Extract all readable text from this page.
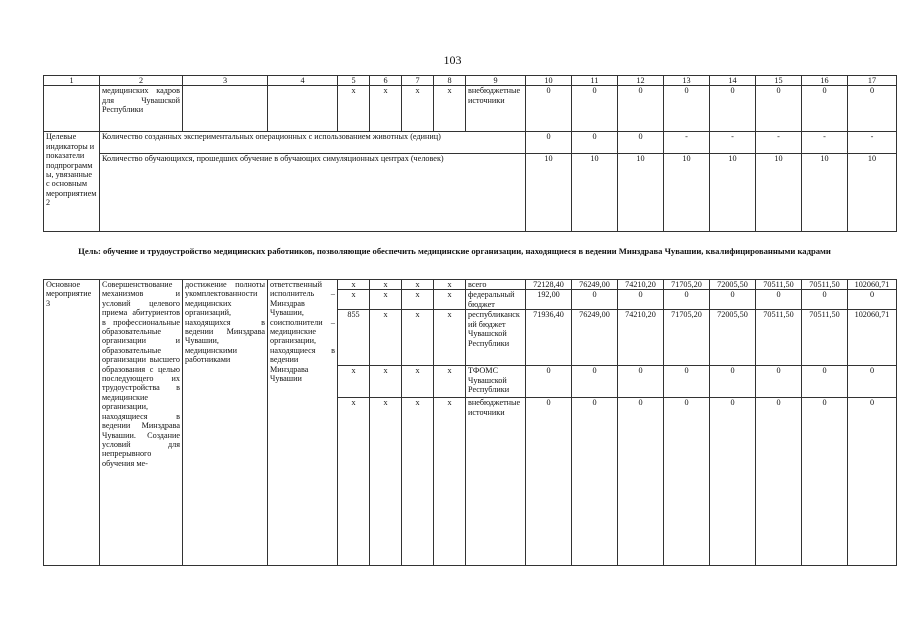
103
1	2	3	4	5	6	7	8	9	10	11	12	13	14	15	16	17
	медицинских кадров для Чувашской Республики			х	х	х	х	внебюджетные источники	0	0	0	0	0	0	0	0
Целевые индикаторы и показатели подпрограммы, увязанные с основным мероприятием 2	Количество созданных экспериментальных операционных с использованием животных (единиц)								0	0	0	-	-	-	-	-
	Количество обучающихся, прошедших обучение в обучающих симуляционных центрах (человек)								10	10	10	10	10	10	10	10
Цель: обучение и трудоустройство медицинских работников, позволяющие обеспечить медицинские организации, находящиеся в ведении Минздрава Чувашии, квалифицированными кадрами
Основное мероприятие 3	Совершенствование механизмов и условий целевого приема абитуриентов в профессиональные образовательные организации и образовательные организации высшего образования с целью последующего их трудоустройства в медицинские организации, находящиеся в ведении Минздрава Чувашии. Создание условий для непрерывного обучения ме-	достижение полноты укомплектованности медицинских организаций, находящихся в ведении Минздрава Чувашии, медицинскими работниками	ответственный исполнитель – Минздрав Чувашии, соисполнители – медицинские организации, находящиеся в ведении Минздрава Чувашии	х	х	х	х	всего	72128,40	76249,00	74210,20	71705,20	72005,50	70511,50	70511,50	102060,71
				х	х	х	х	федеральный бюджет	192,00	0	0	0	0	0	0	0
				855	х	х	х	республиканский бюджет Чувашской Республики	71936,40	76249,00	74210,20	71705,20	72005,50	70511,50	70511,50	102060,71
				х	х	х	х	ТФОМС Чувашской Республики	0	0	0	0	0	0	0	0
				х	х	х	х	внебюджетные источники	0	0	0	0	0	0	0	0
